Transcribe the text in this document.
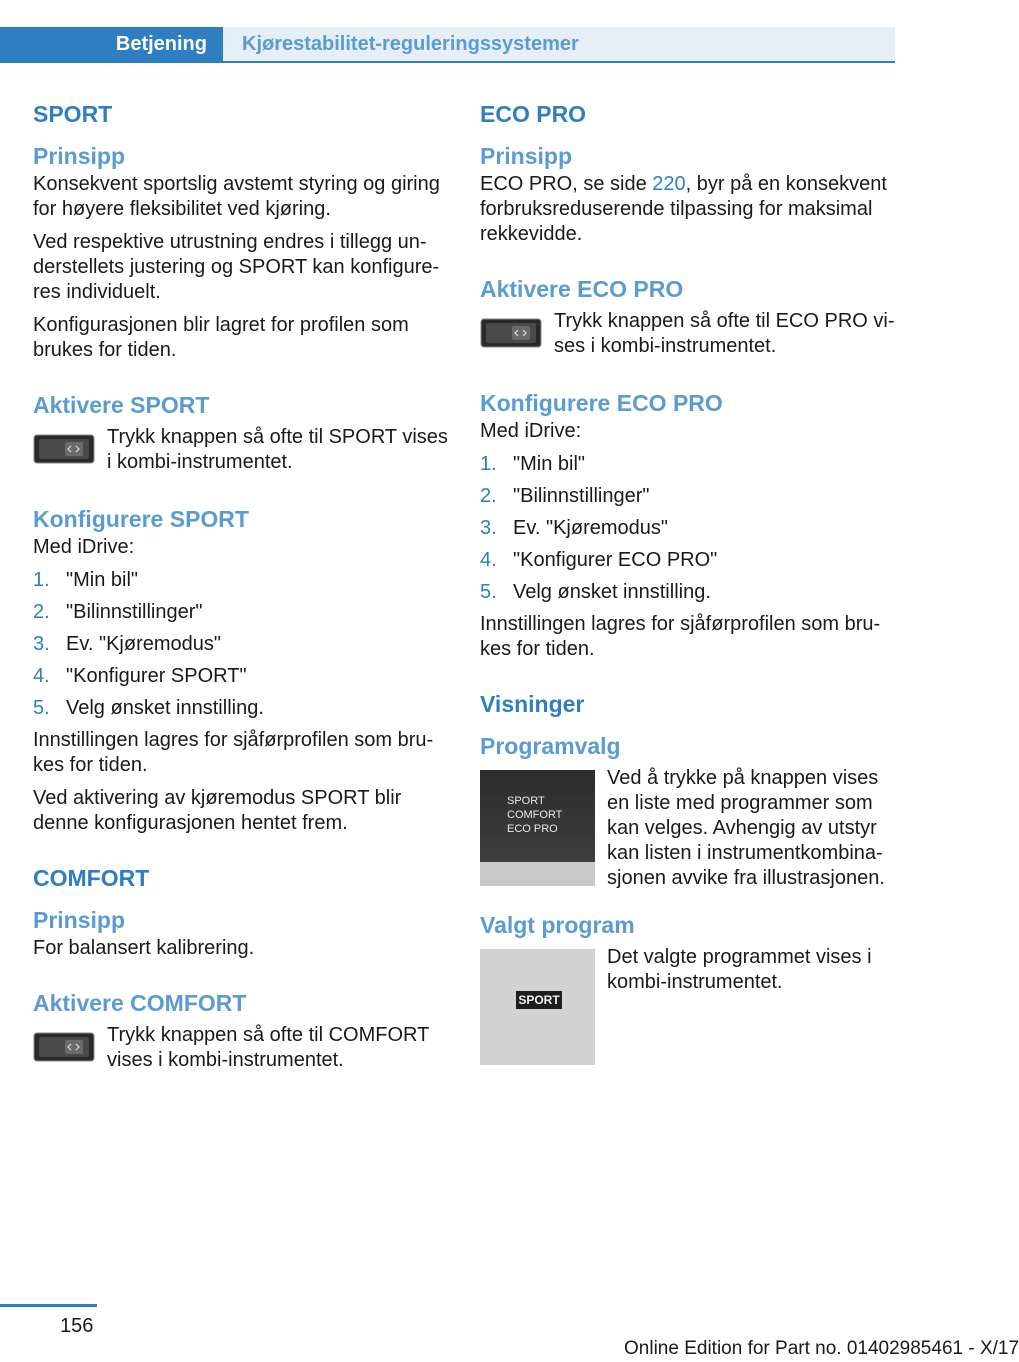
Betjening	Kjørestabilitet-reguleringssystemer
SPORT
Prinsipp

Konsekvent sportslig avstemt styring og giring for høyere fleksibilitet ved kjøring.

Ved respektive utrustning endres i tillegg understellets justering og SPORT kan konfigureres individuelt.

Konfigurasjonen blir lagret for profilen som brukes for tiden.

Aktivere SPORT
Trykk knappen så ofte til SPORT vises i kombi-instrumentet.
Konfigurere SPORT

Med iDrive:

1. "Min bil"
2. "Bilinnstillinger"
3. Ev. "Kjøremodus"
4. "Konfigurer SPORT"
5. Velg ønsket innstilling.

Innstillingen lagres for sjåførprofilen som brukes for tiden.

Ved aktivering av kjøremodus SPORT blir denne konfigurasjonen hentet frem.

COMFORT
Prinsipp

For balansert kalibrering.

Aktivere COMFORT
Trykk knappen så ofte til COMFORT vises i kombi-instrumentet.
ECO PRO
Prinsipp

ECO PRO, se side 220, byr på en konsekvent forbruksreduserende tilpassing for maksimal rekkevidde.

Aktivere ECO PRO
Trykk knappen så ofte til ECO PRO vises i kombi-instrumentet.
Konfigurere ECO PRO

Med iDrive:

1. "Min bil"
2. "Bilinnstillinger"
3. Ev. "Kjøremodus"
4. "Konfigurer ECO PRO"
5. Velg ønsket innstilling.

Innstillingen lagres for sjåførprofilen som brukes for tiden.

Visninger
Programvalg
SPORT
COMFORT
ECO PRO
Ved å trykke på knappen vises en liste med programmer som kan velges. Avhengig av utstyr kan listen i instrumentkombinasjonen avvike fra illustrasjonen.
Valgt program
SPORT
Det valgte programmet vises i kombi-instrumentet.
156
Online Edition for Part no. 01402985461 - X/17
